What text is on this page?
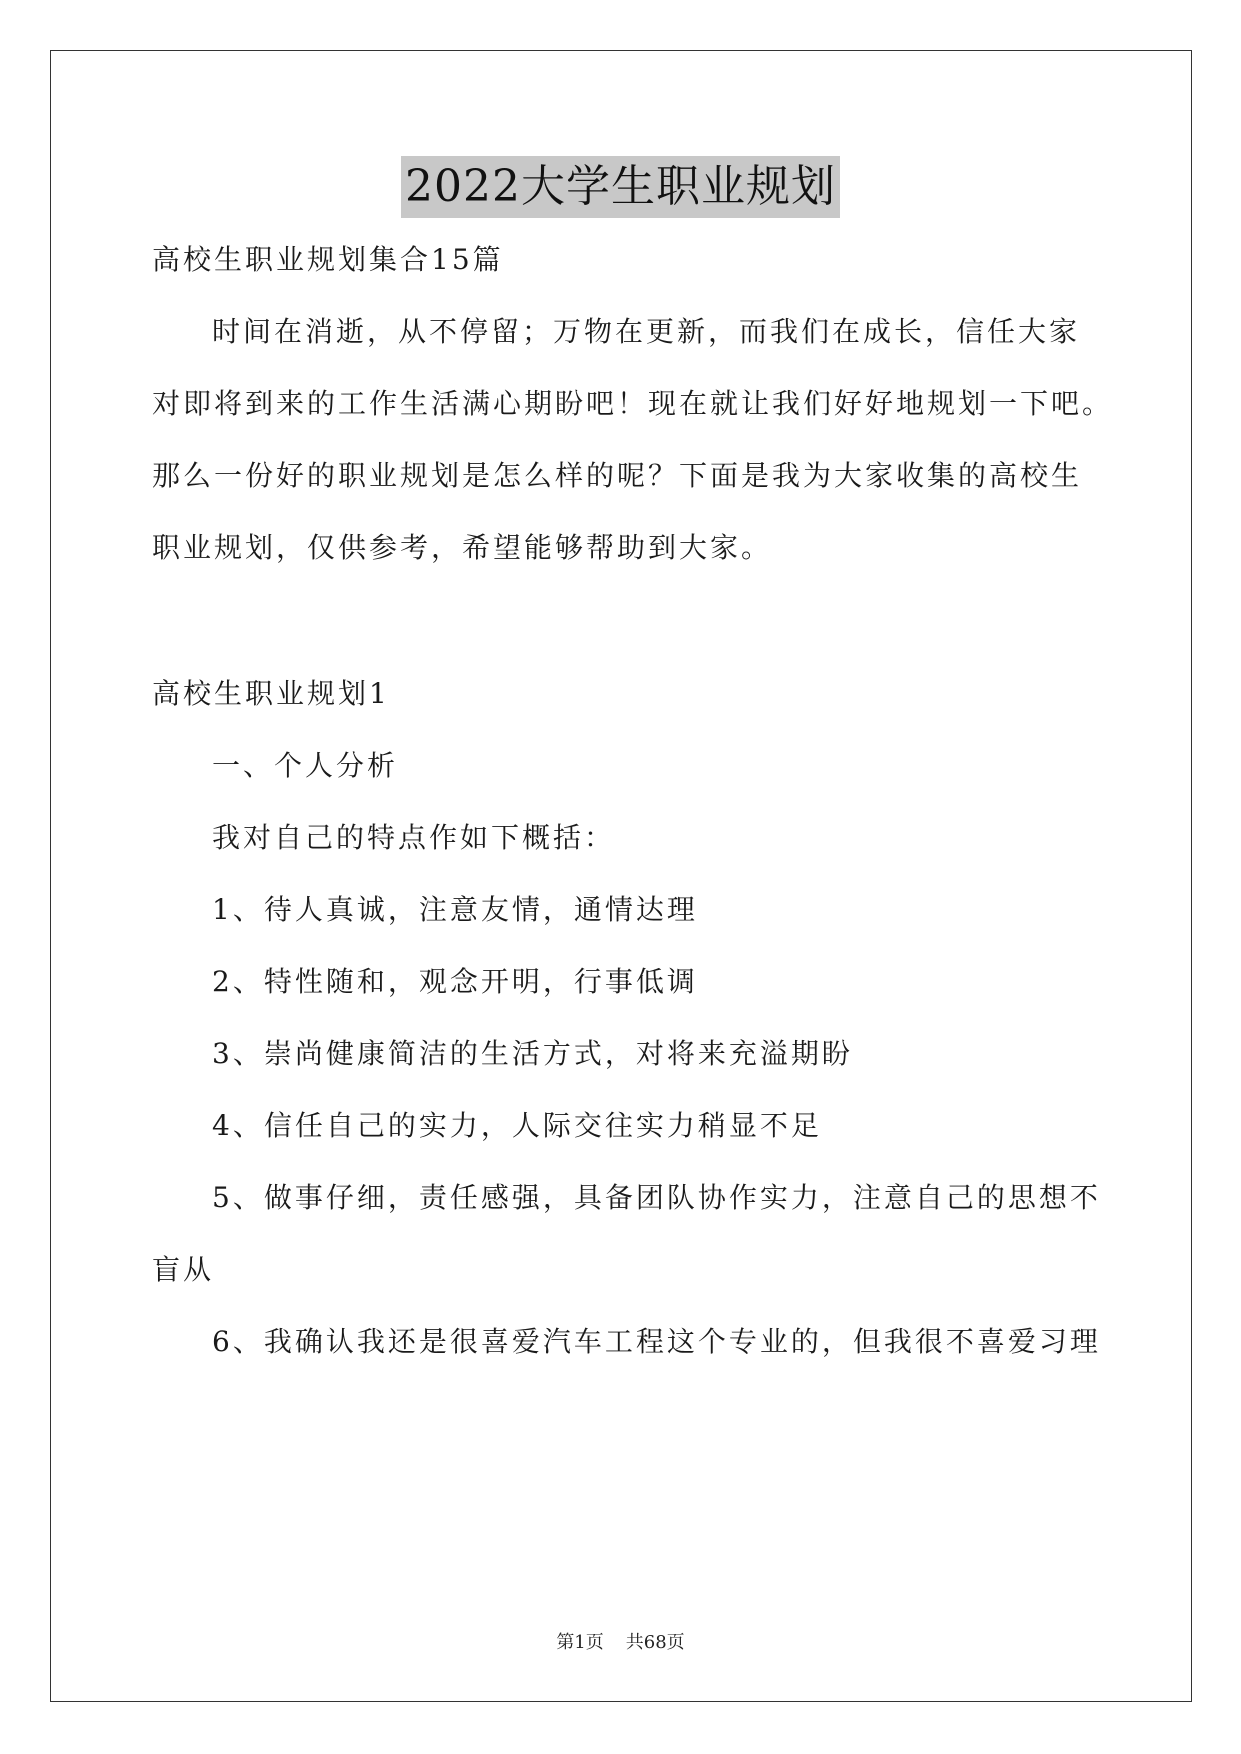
2022大学生职业规划
高校生职业规划集合15篇
时间在消逝，从不停留；万物在更新，而我们在成长，信任大家
对即将到来的工作生活满心期盼吧！现在就让我们好好地规划一下吧。
那么一份好的职业规划是怎么样的呢？下面是我为大家收集的高校生
职业规划，仅供参考，希望能够帮助到大家。
高校生职业规划1
一、个人分析
我对自己的特点作如下概括：
1、待人真诚，注意友情，通情达理
2、特性随和，观念开明，行事低调
3、崇尚健康简洁的生活方式，对将来充溢期盼
4、信任自己的实力，人际交往实力稍显不足
5、做事仔细，责任感强，具备团队协作实力，注意自己的思想不
盲从
6、我确认我还是很喜爱汽车工程这个专业的，但我很不喜爱习理
第1页 共68页
